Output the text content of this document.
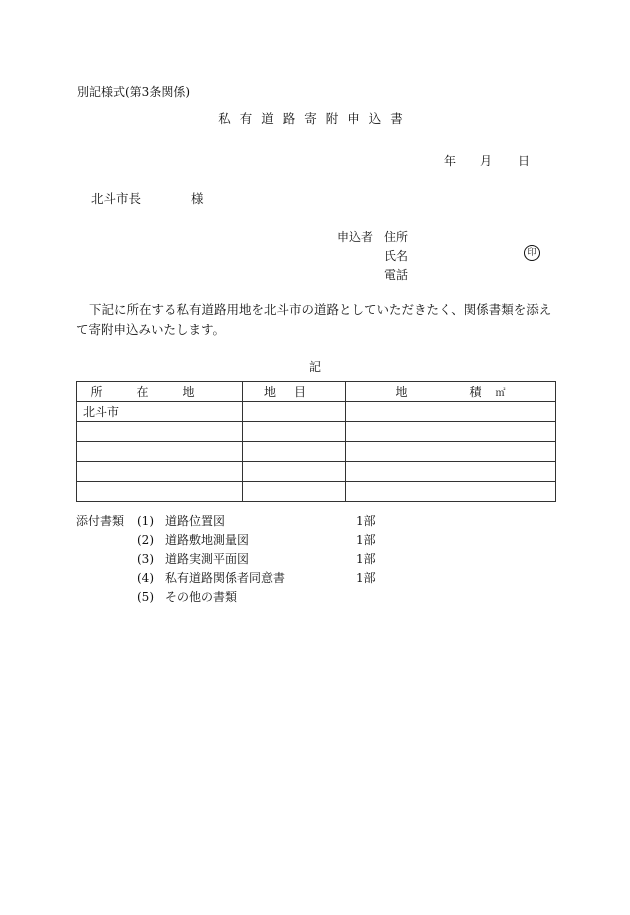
別記様式(第3条関係)
私有道路寄附申込書
年 月 日
北斗市長	様
申込者 住所
氏名
電話
印
下記に所在する私有道路用地を北斗市の道路としていただきたく、関係書類を添えて寄附申込みいたします。
記
所在地	地目	地 積 ㎡
北斗市		

添付書類 (1) 道路位置図	1部
(2) 道路敷地測量図	1部
(3) 道路実測平面図	1部
(4) 私有道路関係者同意書	1部
(5) その他の書類
